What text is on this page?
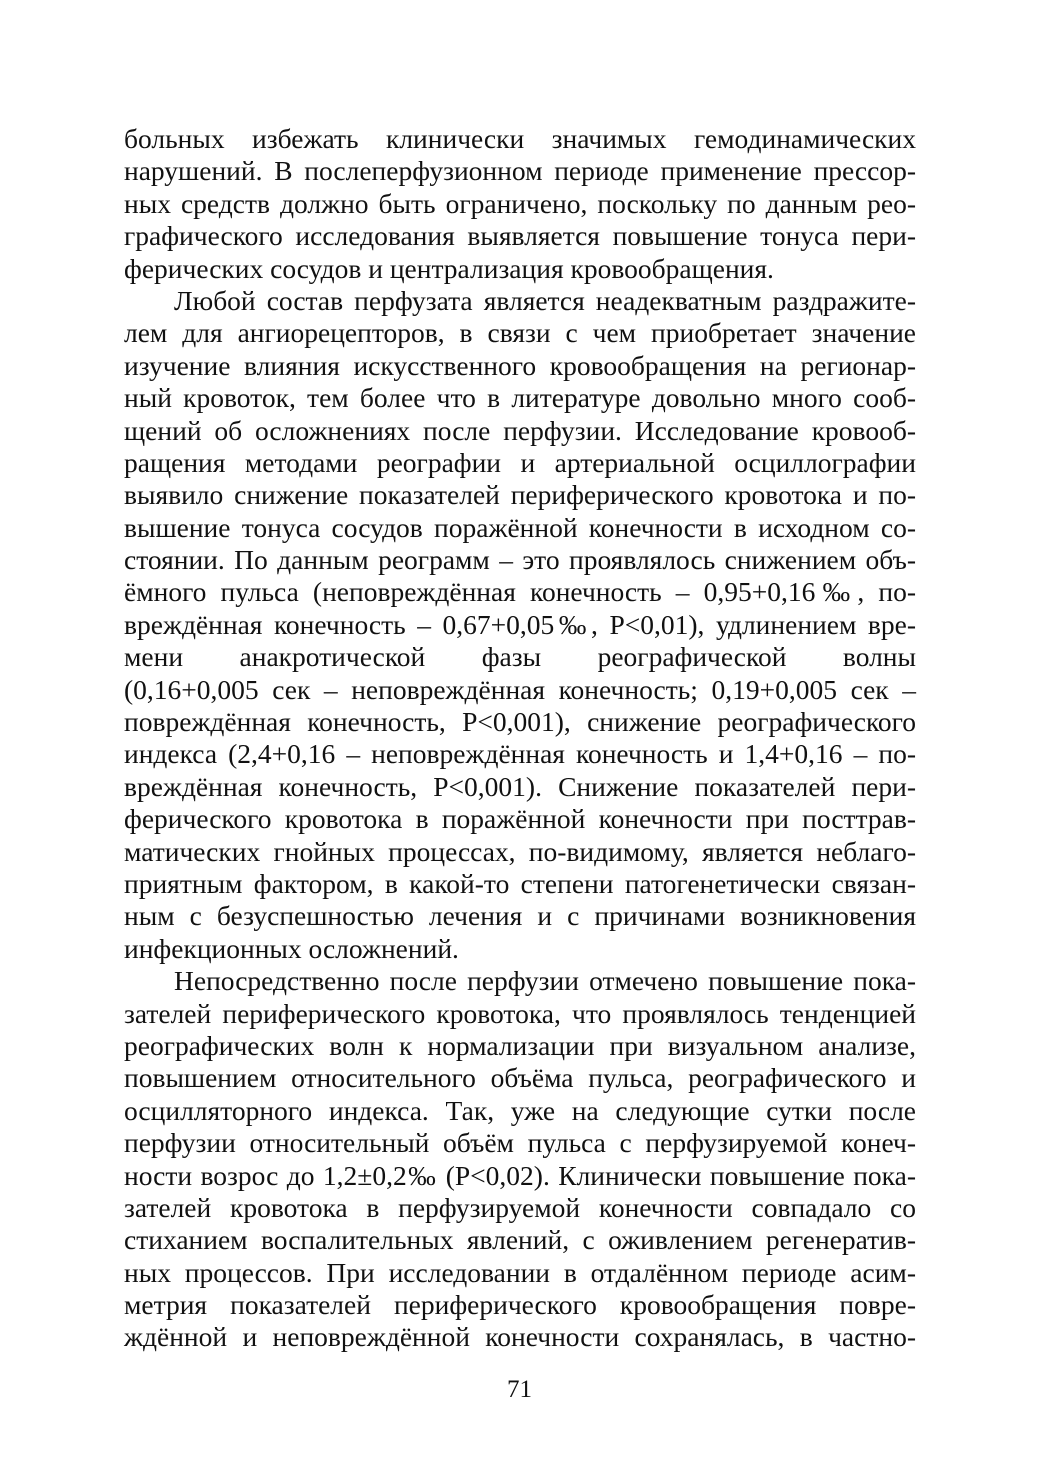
больных избежать клинически значимых гемодинамических
нарушений. В послеперфузионном периоде применение прессор-
ных средств должно быть ограничено, поскольку по данным рео-
графического исследования выявляется повышение тонуса пери-
ферических сосудов и централизация кровообращения.
Любой состав перфузата является неадекватным раздражите-
лем для ангиорецепторов, в связи с чем приобретает значение
изучение влияния искусственного кровообращения на регионар-
ный кровоток, тем более что в литературе довольно много сооб-
щений об осложнениях после перфузии. Исследование кровооб-
ращения методами реографии и артериальной осциллографии
выявило снижение показателей периферического кровотока и по-
вышение тонуса сосудов поражённой конечности в исходном со-
стоянии. По данным реограмм – это проявлялось снижением объ-
ёмного пульса (неповреждённая конечность – 0,95+0,16‰, по-
вреждённая конечность – 0,67+0,05‰, P<0,01), удлинением вре-
мени анакротической фазы реографической волны
(0,16+0,005 сек – неповреждённая конечность; 0,19+0,005 сек –
повреждённая конечность, P<0,001), снижение реографического
индекса (2,4+0,16 – неповреждённая конечность и 1,4+0,16 – по-
вреждённая конечность, P<0,001). Снижение показателей пери-
ферического кровотока в поражённой конечности при посттрав-
матических гнойных процессах, по-видимому, является неблаго-
приятным фактором, в какой-то степени патогенетически связан-
ным с безуспешностью лечения и с причинами возникновения
инфекционных осложнений.
Непосредственно после перфузии отмечено повышение пока-
зателей периферического кровотока, что проявлялось тенденцией
реографических волн к нормализации при визуальном анализе,
повышением относительного объёма пульса, реографического и
осцилляторного индекса. Так, уже на следующие сутки после
перфузии относительный объём пульса с перфузируемой конеч-
ности возрос до 1,2±0,2‰ (P<0,02). Клинически повышение пока-
зателей кровотока в перфузируемой конечности совпадало со
стиханием воспалительных явлений, с оживлением регенератив-
ных процессов. При исследовании в отдалённом периоде асим-
метрия показателей периферического кровообращения повре-
ждённой и неповреждённой конечности сохранялась, в частно-
71
